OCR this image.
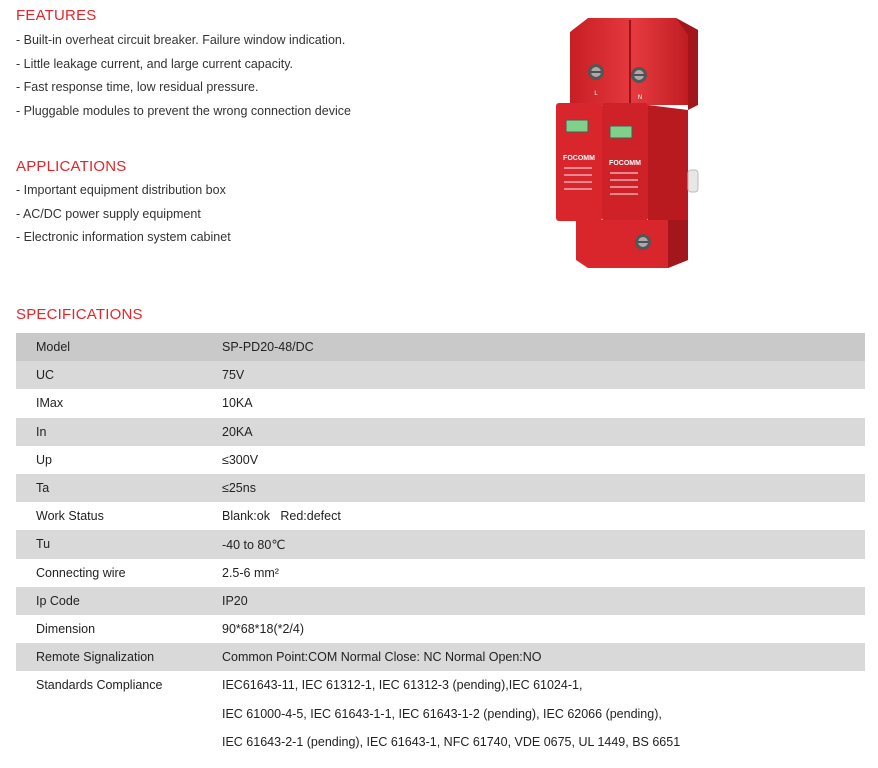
FEATURES
- Built-in overheat circuit breaker. Failure window indication.
- Little leakage current, and large current capacity.
- Fast response time, low residual pressure.
- Pluggable modules to prevent the wrong connection device
APPLICATIONS
- Important equipment distribution box
- AC/DC power supply equipment
- Electronic information system cabinet
L
N
FOCOMM
FOCOMM
SPECIFICATIONS
Model	SP-PD20-48/DC
UC	75V
IMax	10KA
In	20KA
Up	≤300V
Ta	≤25ns
Work Status	Blank:ok   Red:defect
Tu	-40 to 80℃
Connecting wire	2.5-6 mm²
Ip Code	IP20
Dimension	90*68*18(*2/4)
Remote Signalization	Common Point:COM Normal Close: NC Normal Open:NO
Standards Compliance	IEC61643-11, IEC 61312-1, IEC 61312-3 (pending),IEC 61024-1,
IEC 61000-4-5, IEC 61643-1-1, IEC 61643-1-2 (pending), IEC 62066 (pending),
IEC 61643-2-1 (pending), IEC 61643-1, NFC 61740, VDE 0675, UL 1449, BS 6651
